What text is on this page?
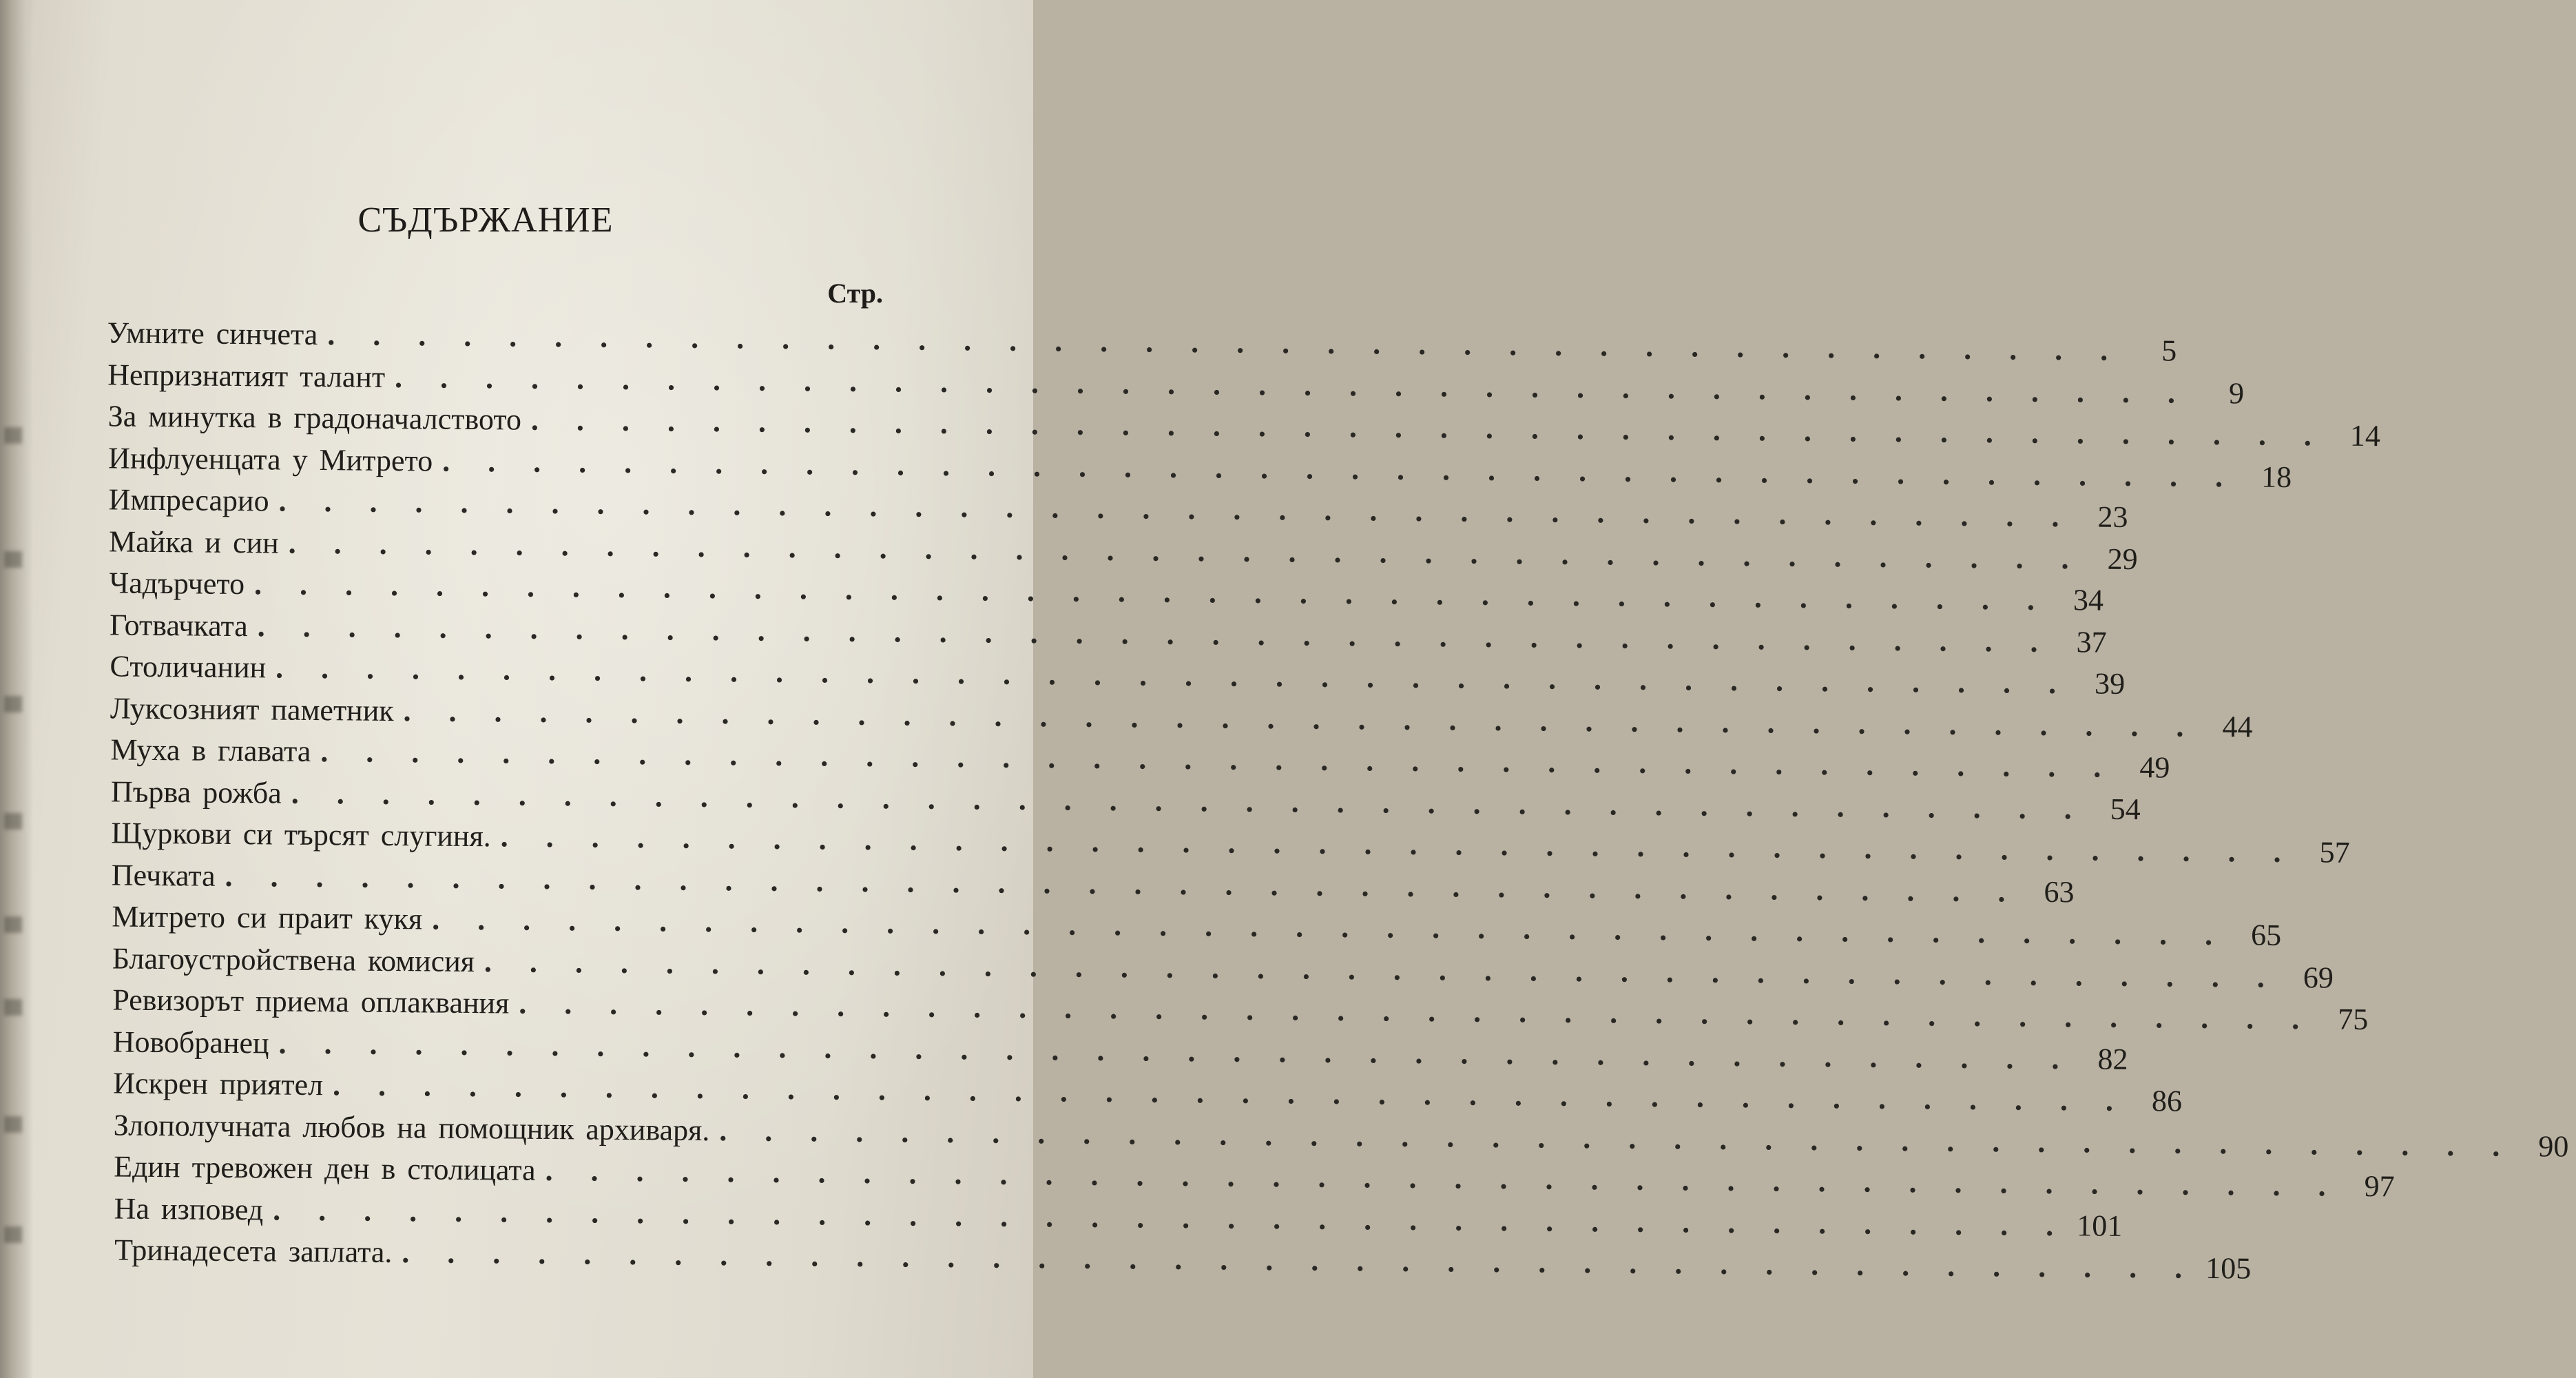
СЪДЪРЖАНИЕ
Стр.
Умните синчета . . . . . . . . . . . . . . . . . . . . . . . . . . . . . . . . . . . . . . . .	5
Непризнатият талант . . . . . . . . . . . . . . . . . . . . . . . . . . . . . . . . . . . . . . . .	9
За минутка в градоначалството . . . . . . . . . . . . . . . . . . . . . . . . . . . . . . . . . . . . . . . . 14
Инфлуенцата у Митрето . . . . . . . . . . . . . . . . . . . . . . . . . . . . . . . . . . . . . . . . 18
Импресарио . . . . . . . . . . . . . . . . . . . . . . . . . . . . . . . . . . . . . . . . 23
Майка и син . . . . . . . . . . . . . . . . . . . . . . . . . . . . . . . . . . . . . . . . 29
Чадърчето . . . . . . . . . . . . . . . . . . . . . . . . . . . . . . . . . . . . . . . . 34
Готвачката . . . . . . . . . . . . . . . . . . . . . . . . . . . . . . . . . . . . . . . . 37
Столичанин . . . . . . . . . . . . . . . . . . . . . . . . . . . . . . . . . . . . . . . . 39
Луксозният паметник . . . . . . . . . . . . . . . . . . . . . . . . . . . . . . . . . . . . . . . . 44
Муха в главата . . . . . . . . . . . . . . . . . . . . . . . . . . . . . . . . . . . . . . . . 49
Първа рожба . . . . . . . . . . . . . . . . . . . . . . . . . . . . . . . . . . . . . . . . 54
Щуркови си търсят слугиня. . . . . . . . . . . . . . . . . . . . . . . . . . . . . . . . . . . . . . . . . 57
Печката . . . . . . . . . . . . . . . . . . . . . . . . . . . . . . . . . . . . . . . . 63
Митрето си праит кукя . . . . . . . . . . . . . . . . . . . . . . . . . . . . . . . . . . . . . . . . 65
Благоустройствена комисия . . . . . . . . . . . . . . . . . . . . . . . . . . . . . . . . . . . . . . . . 69
Ревизорът приема оплаквания . . . . . . . . . . . . . . . . . . . . . . . . . . . . . . . . . . . . . . . . 75
Новобранец . . . . . . . . . . . . . . . . . . . . . . . . . . . . . . . . . . . . . . . . 82
Искрен приятел . . . . . . . . . . . . . . . . . . . . . . . . . . . . . . . . . . . . . . . . 86
Злополучната любов на помощник архиваря. . . . . . . . . . . . . . . . . . . . . . . . . . . . . . . . . . . . . . . . . 90
Един тревожен ден в столицата . . . . . . . . . . . . . . . . . . . . . . . . . . . . . . . . . . . . . . . . 97
На изповед . . . . . . . . . . . . . . . . . . . . . . . . . . . . . . . . . . . . . . . . 101
Тринадесета заплата. . . . . . . . . . . . . . . . . . . . . . . . . . . . . . . . . . . . . . . . . 105
